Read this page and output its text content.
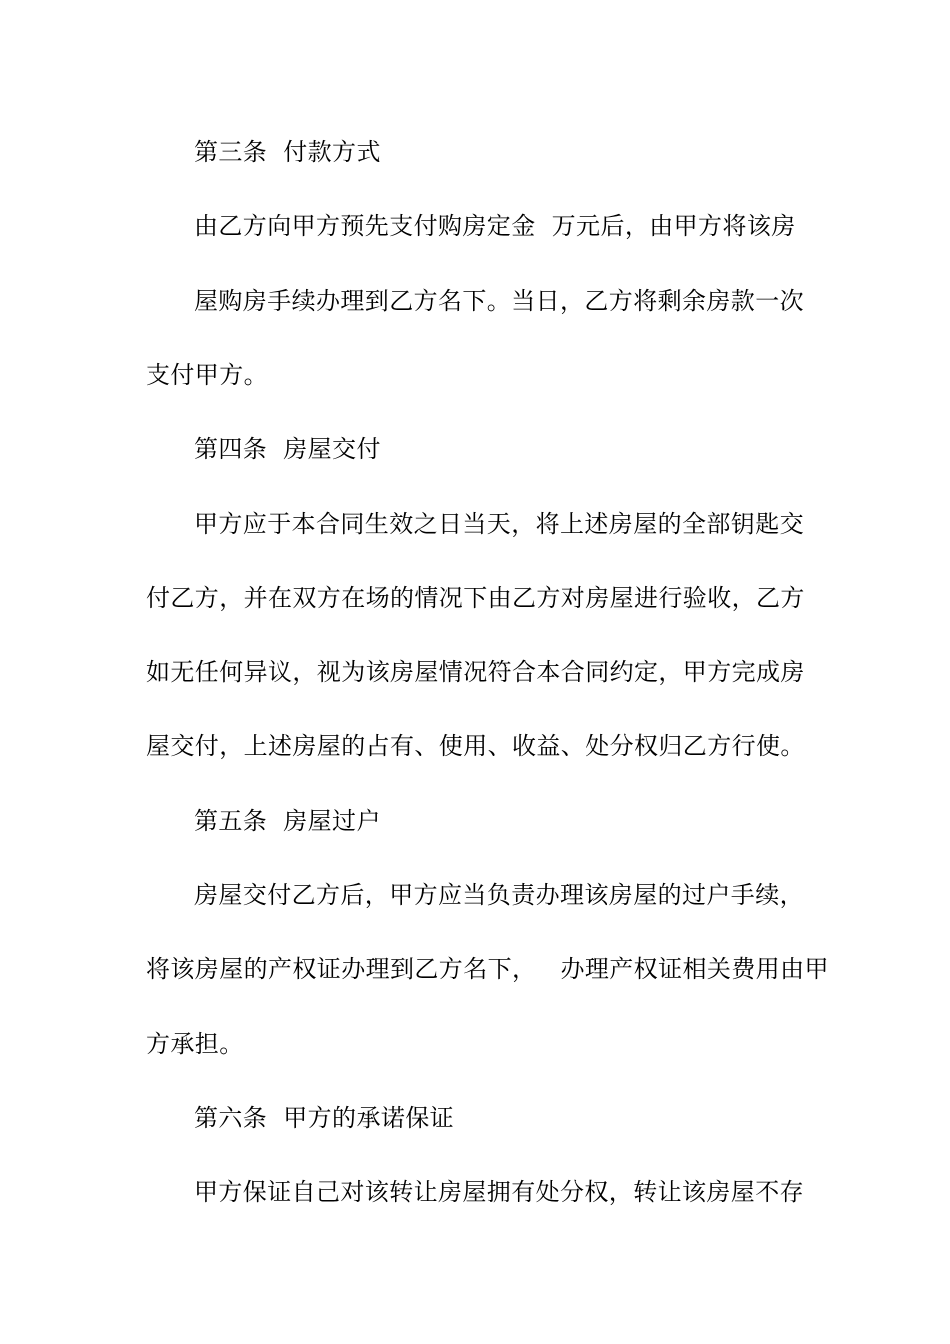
第三条  付款方式
由乙方向甲方预先支付购房定金  万元后，由甲方将该房
屋购房手续办理到乙方名下。当日，乙方将剩余房款一次
支付甲方。
第四条  房屋交付
甲方应于本合同生效之日当天，将上述房屋的全部钥匙交
付乙方，并在双方在场的情况下由乙方对房屋进行验收，乙方
如无任何异议，视为该房屋情况符合本合同约定，甲方完成房
屋交付，上述房屋的占有、使用、收益、处分权归乙方行使。
第五条  房屋过户
房屋交付乙方后，甲方应当负责办理该房屋的过户手续，
将该房屋的产权证办理到乙方名下，   办理产权证相关费用由甲
方承担。
第六条  甲方的承诺保证
甲方保证自己对该转让房屋拥有处分权，转让该房屋不存
